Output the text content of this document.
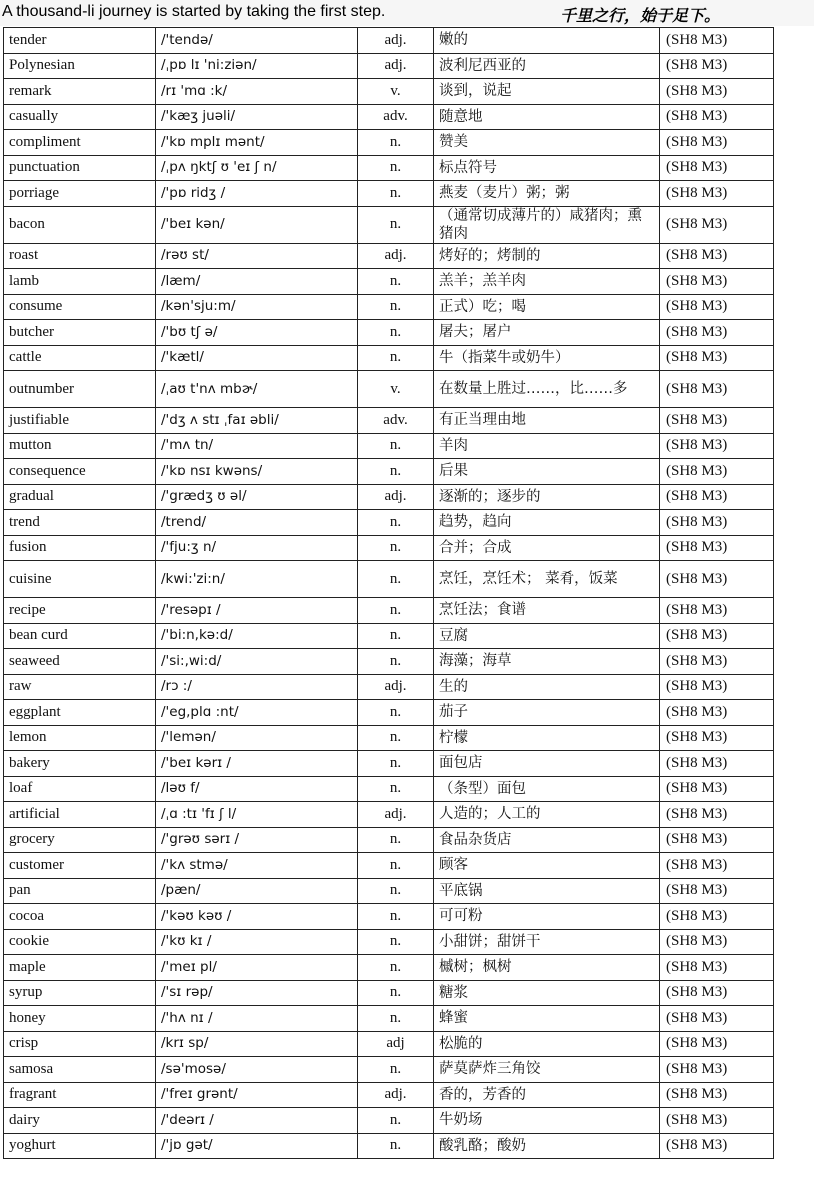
A thousand-li journey is started by taking the first step.	千里之行，始于足下。
tender	/'tendə/	adj.	嫩的	(SH8 M3)
Polynesian	/ˌpɒ lɪ 'ni:ziən/	adj.	波利尼西亚的	(SH8 M3)
remark	/rɪ 'mɑ :k/	v.	谈到，说起	(SH8 M3)
casually	/'kæʒ juəli/	adv.	随意地	(SH8 M3)
compliment	/'kɒ mplɪ mənt/	n.	赞美	(SH8 M3)
punctuation	/ˌpʌ ŋktʃ ʊ 'eɪ ʃ n/	n.	标点符号	(SH8 M3)
porriage	/'pɒ ridʒ /	n.	燕麦（麦片）粥；粥	(SH8 M3)
bacon	/'beɪ kən/	n.	（通常切成薄片的）咸猪肉；熏猪肉	(SH8 M3)
roast	/rəʊ st/	adj.	烤好的；烤制的	(SH8 M3)
lamb	/læm/	n.	羔羊；羔羊肉	(SH8 M3)
consume	/kən'sju:m/	n.	正式）吃；喝	(SH8 M3)
butcher	/'bʊ tʃ ə/	n.	屠夫；屠户	(SH8 M3)
cattle	/'kætl/	n.	牛（指菜牛或奶牛）	(SH8 M3)
outnumber	/ˌaʊ t'nʌ mbɚ/	v.	在数量上胜过……，比……多	(SH8 M3)
justifiable	/'dʒ ʌ stɪ ˌfaɪ əbli/	adv.	有正当理由地	(SH8 M3)
mutton	/'mʌ tn/	n.	羊肉	(SH8 M3)
consequence	/'kɒ nsɪ kwəns/	n.	后果	(SH8 M3)
gradual	/'grædʒ ʊ əl/	adj.	逐渐的；逐步的	(SH8 M3)
trend	/trend/	n.	趋势，趋向	(SH8 M3)
fusion	/'fju:ʒ n/	n.	合并；合成	(SH8 M3)
cuisine	/kwi:'zi:n/	n.	烹饪，烹饪术； 菜肴，饭菜	(SH8 M3)
recipe	/'resəpɪ /	n.	烹饪法；食谱	(SH8 M3)
bean curd	/'bi:n,kə:d/	n.	豆腐	(SH8 M3)
seaweed	/'si:,wi:d/	n.	海藻；海草	(SH8 M3)
raw	/rɔ :/	adj.	生的	(SH8 M3)
eggplant	/'eg,plɑ :nt/	n.	茄子	(SH8 M3)
lemon	/'lemən/	n.	柠檬	(SH8 M3)
bakery	/'beɪ kərɪ /	n.	面包店	(SH8 M3)
loaf	/ləʊ f/	n.	（条型）面包	(SH8 M3)
artificial	/ˌɑ :tɪ 'fɪ ʃ l/	adj.	人造的；人工的	(SH8 M3)
grocery	/'grəʊ sərɪ /	n.	食品杂货店	(SH8 M3)
customer	/'kʌ stmə/	n.	顾客	(SH8 M3)
pan	/pæn/	n.	平底锅	(SH8 M3)
cocoa	/'kəʊ kəʊ /	n.	可可粉	(SH8 M3)
cookie	/'kʊ kɪ /	n.	小甜饼；甜饼干	(SH8 M3)
maple	/'meɪ pl/	n.	槭树；枫树	(SH8 M3)
syrup	/'sɪ rəp/	n.	糖浆	(SH8 M3)
honey	/'hʌ nɪ /	n.	蜂蜜	(SH8 M3)
crisp	/krɪ sp/	adj	松脆的	(SH8 M3)
samosa	/sə'mosə/	n.	萨莫萨炸三角饺	(SH8 M3)
fragrant	/'freɪ grənt/	adj.	香的，芳香的	(SH8 M3)
dairy	/'deərɪ /	n.	牛奶场	(SH8 M3)
yoghurt	/'jɒ gət/	n.	酸乳酪；酸奶	(SH8 M3)
